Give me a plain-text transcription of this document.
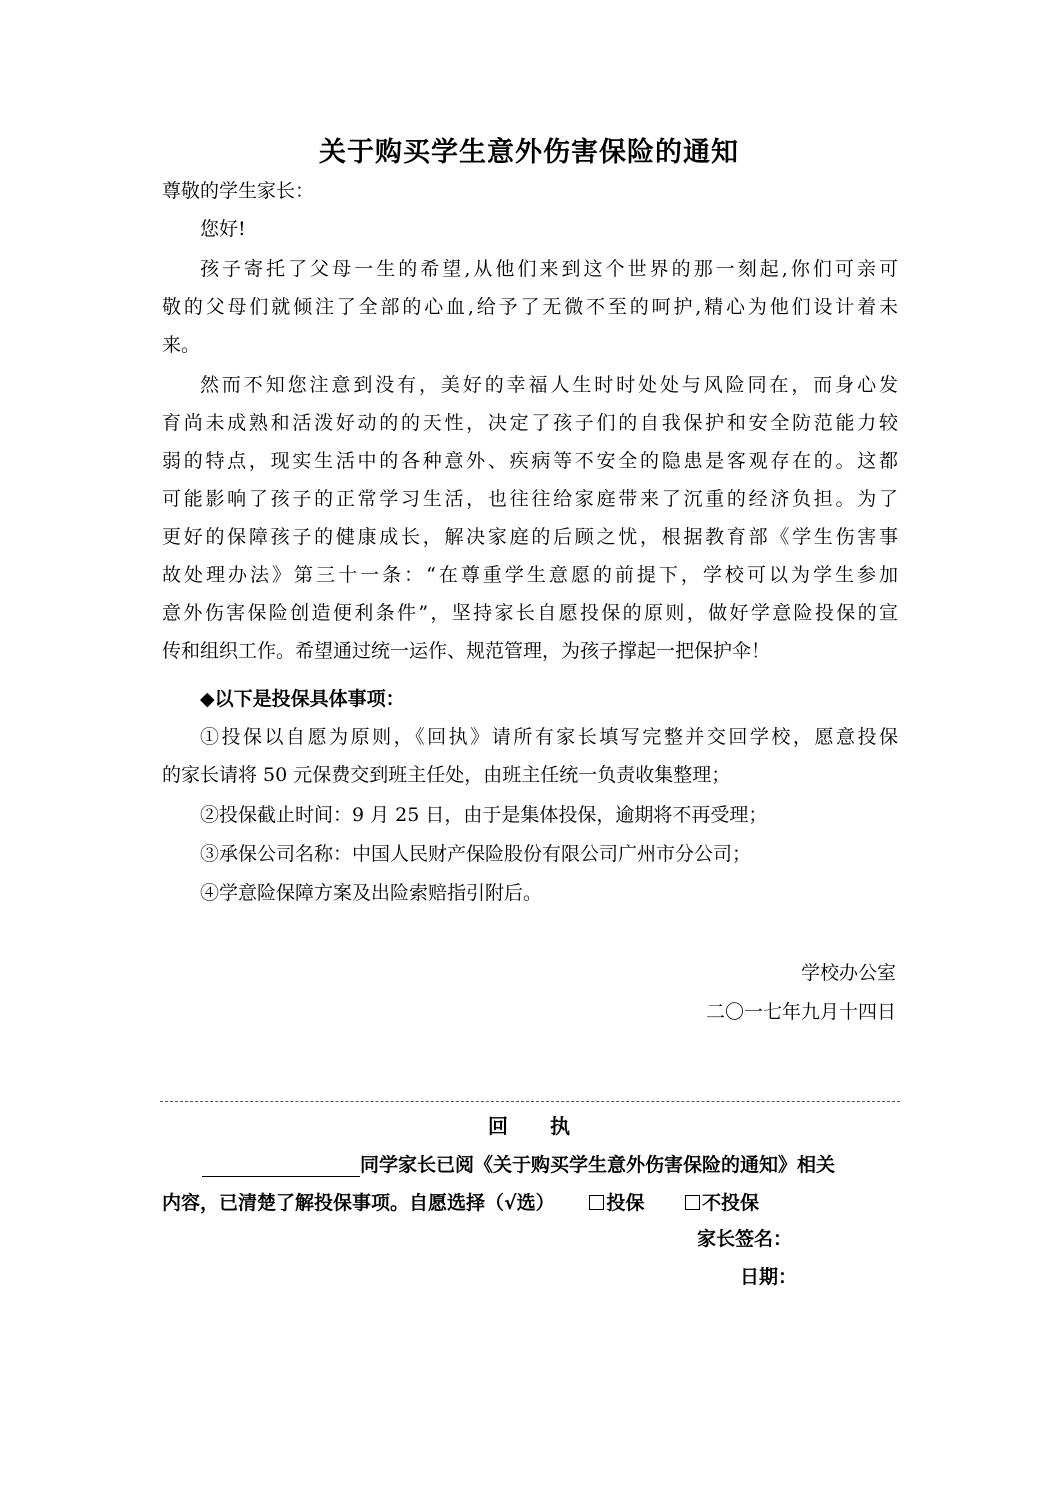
关于购买学生意外伤害保险的通知
尊敬的学生家长：
您好!
孩子寄托了父母一生的希望,从他们来到这个世界的那一刻起,你们可亲可
敬的父母们就倾注了全部的心血,给予了无微不至的呵护,精心为他们设计着未
来。
然而不知您注意到没有，美好的幸福人生时时处处与风险同在，而身心发
育尚未成熟和活泼好动的的天性，决定了孩子们的自我保护和安全防范能力较
弱的特点，现实生活中的各种意外、疾病等不安全的隐患是客观存在的。这都
可能影响了孩子的正常学习生活，也往往给家庭带来了沉重的经济负担。为了
更好的保障孩子的健康成长，解决家庭的后顾之忧，根据教育部《学生伤害事
故处理办法》第三十一条：“在尊重学生意愿的前提下，学校可以为学生参加
意外伤害保险创造便利条件”，坚持家长自愿投保的原则，做好学意险投保的宣
传和组织工作。希望通过统一运作、规范管理，为孩子撑起一把保护伞！
◆以下是投保具体事项：
①投保以自愿为原则，《回执》请所有家长填写完整并交回学校，愿意投保
的家长请将 50 元保费交到班主任处，由班主任统一负责收集整理；
②投保截止时间：9 月 25 日，由于是集体投保，逾期将不再受理；
③承保公司名称：中国人民财产保险股份有限公司广州市分公司；
④学意险保障方案及出险索赔指引附后。
学校办公室
二〇一七年九月十四日
回 执
同学家长已阅《关于购买学生意外伤害保险的通知》相关
内容，已清楚了解投保事项。自愿选择（√选）	投保	不投保
家长签名：
日期：
